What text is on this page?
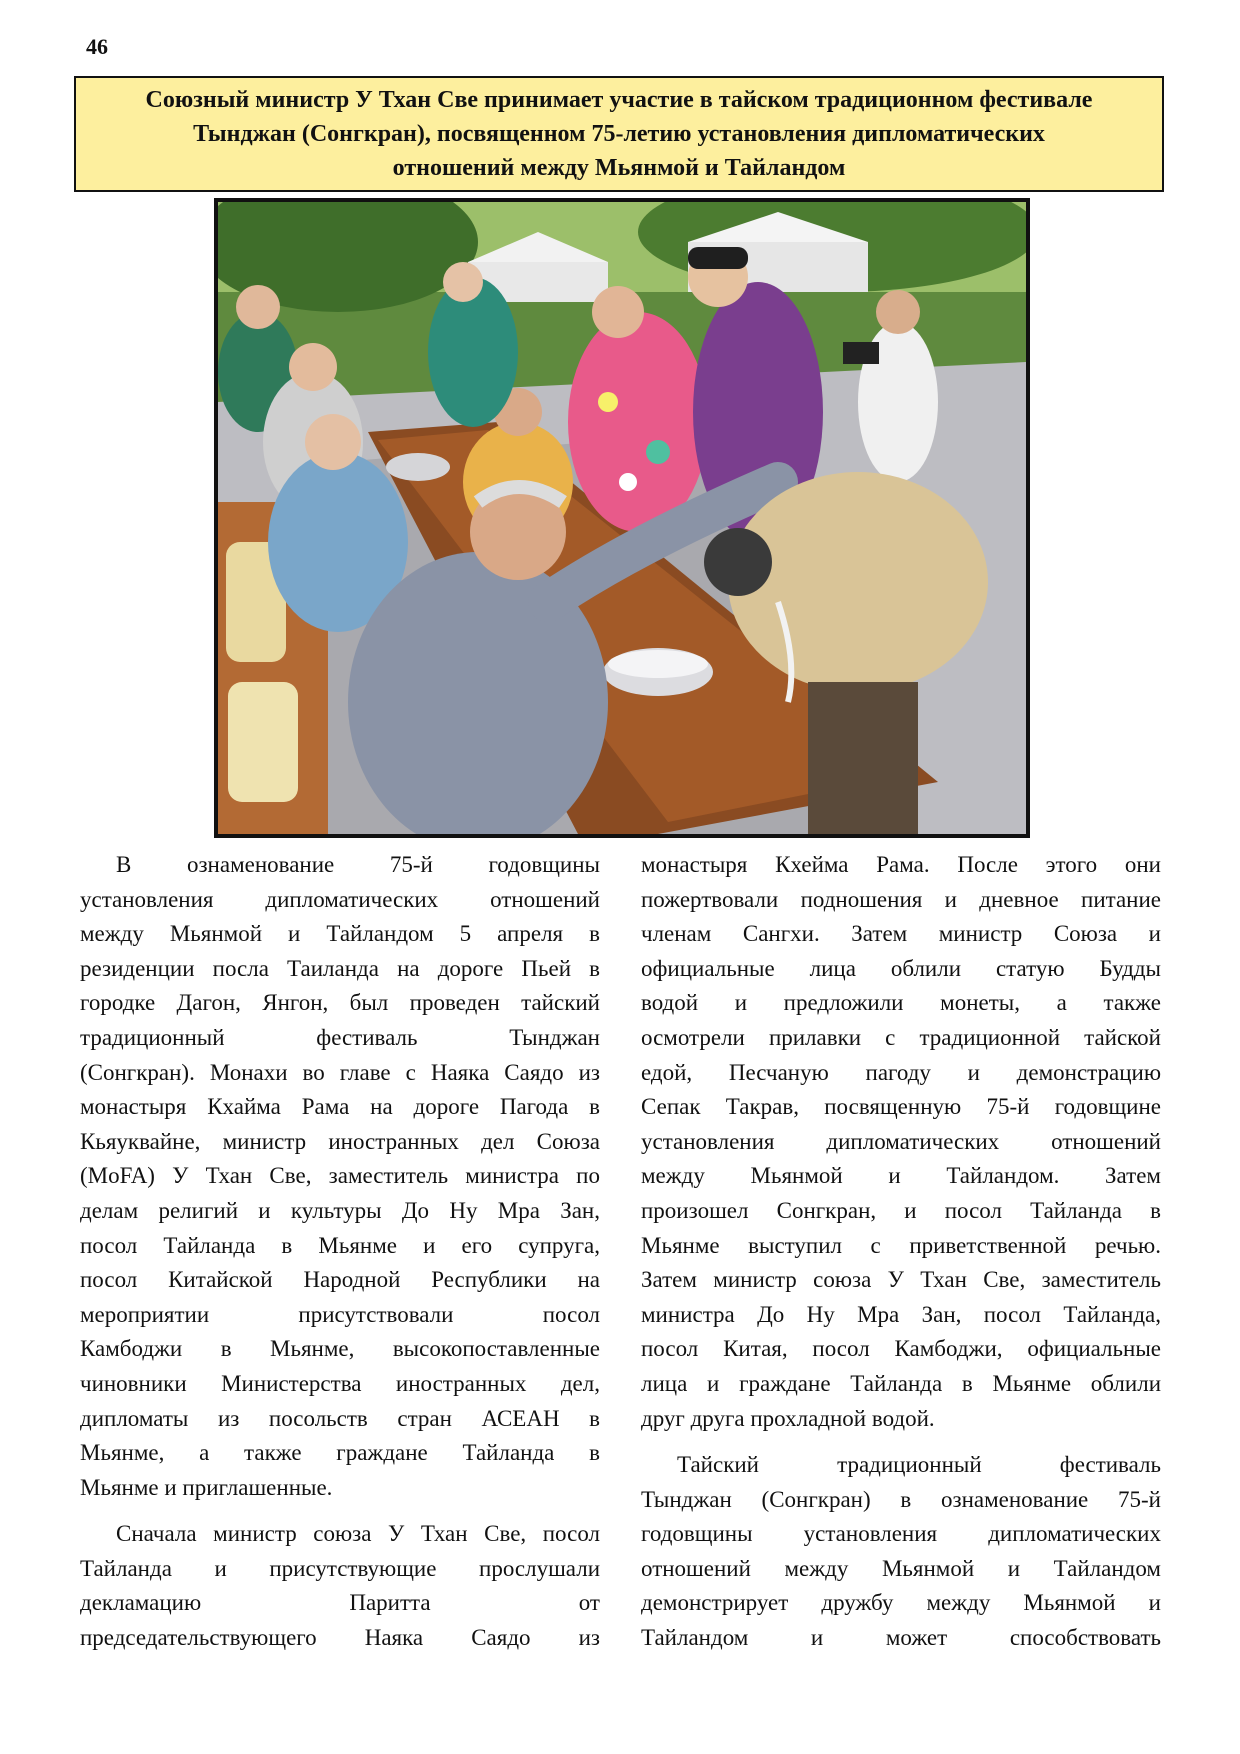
46
Союзный министр У Тхан Све принимает участие в тайском традиционном фестивале
Тынджан (Сонгкран), посвященном 75-летию установления дипломатических
отношений между Мьянмой и Тайландом
В ознаменование 75-й годовщины
установления дипломатических отношений
между Мьянмой и Тайландом 5 апреля в
резиденции посла Таиланда на дороге Пьей в
городке Дагон, Янгон, был проведен тайский
традиционный фестиваль Тынджан
(Сонгкран). Монахи во главе с Наяка Саядо из
монастыря Кхайма Рама на дороге Пагода в
Кьяуквайне, министр иностранных дел Союза
(MoFA) У Тхан Све, заместитель министра по
делам религий и культуры До Ну Мра Зан,
посол Тайланда в Мьянме и его супруга,
посол Китайской Народной Республики на
мероприятии присутствовали посол
Камбоджи в Мьянме, высокопоставленные
чиновники Министерства иностранных дел,
дипломаты из посольств стран АСЕАН в
Мьянме, а также граждане Тайланда в
Мьянме и приглашенные.
Сначала министр союза У Тхан Све, посол
Тайланда и присутствующие прослушали
декламацию Паритта от
председательствующего Наяка Саядо из
монастыря Кхейма Рама. После этого они
пожертвовали подношения и дневное питание
членам Сангхи. Затем министр Союза и
официальные лица облили статую Будды
водой и предложили монеты, а также
осмотрели прилавки с традиционной тайской
едой, Песчаную пагоду и демонстрацию
Сепак Такрав, посвященную 75-й годовщине
установления дипломатических отношений
между Мьянмой и Тайландом. Затем
произошел Сонгкран, и посол Тайланда в
Мьянме выступил с приветственной речью.
Затем министр союза У Тхан Све, заместитель
министра До Ну Мра Зан, посол Тайланда,
посол Китая, посол Камбоджи, официальные
лица и граждане Тайланда в Мьянме облили
друг друга прохладной водой.
Тайский традиционный фестиваль
Тынджан (Сонгкран) в ознаменование 75-й
годовщины установления дипломатических
отношений между Мьянмой и Тайландом
демонстрирует дружбу между Мьянмой и
Тайландом и может способствовать
